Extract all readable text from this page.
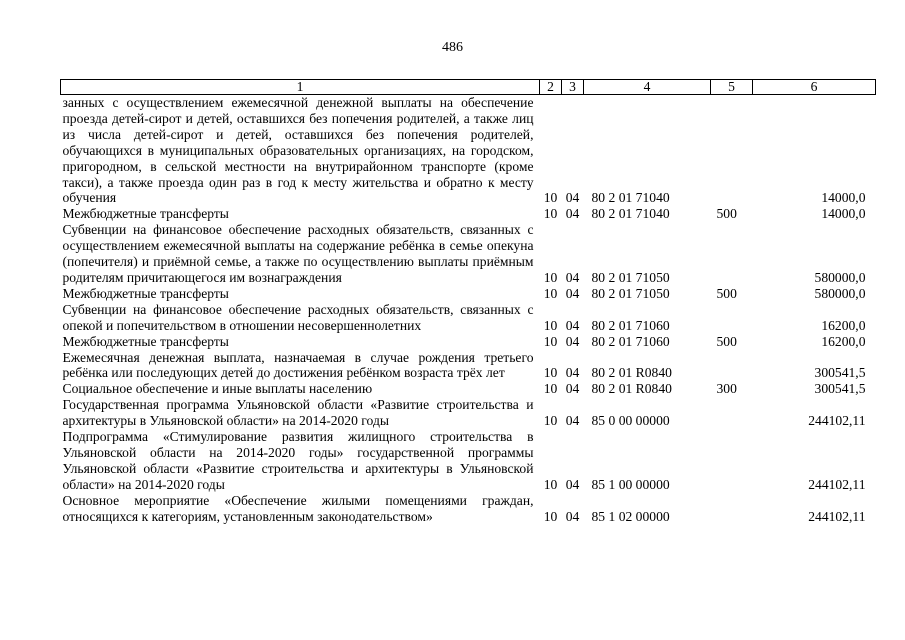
486
1	2	3	4	5	6
занных с осуществлением ежемесячной денежной выплаты на обеспечение проезда детей-сирот и детей, оставшихся без попечения родителей, а также лиц из числа детей-сирот и детей, оставшихся без попечения родителей, обучающихся в муниципальных образовательных организациях, на городском, пригородном, в сельской местности на внутрирайонном транспорте (кроме такси), а также проезда один раз в год к месту жительства и обратно к месту обучения	10	04	80 2 01 71040		14000,0
Межбюджетные трансферты	10	04	80 2 01 71040	500	14000,0
Субвенции на финансовое обеспечение расходных обязательств, связанных с осуществлением ежемесячной выплаты на содержание ребёнка в семье опекуна (попечителя) и приёмной семье, а также по осуществлению выплаты приёмным родителям причитающегося им вознаграждения	10	04	80 2 01 71050		580000,0
Межбюджетные трансферты	10	04	80 2 01 71050	500	580000,0
Субвенции на финансовое обеспечение расходных обязательств, связанных с опекой и попечительством в отношении несовершеннолетних	10	04	80 2 01 71060		16200,0
Межбюджетные трансферты	10	04	80 2 01 71060	500	16200,0
Ежемесячная денежная выплата, назначаемая в случае рождения третьего ребёнка или последующих детей до достижения ребёнком возраста трёх лет	10	04	80 2 01 R0840		300541,5
Социальное обеспечение и иные выплаты населению	10	04	80 2 01 R0840	300	300541,5
Государственная программа Ульяновской области «Развитие строительства и архитектуры в Ульяновской области» на 2014-2020 годы	10	04	85 0 00 00000		244102,11
Подпрограмма «Стимулирование развития жилищного строительства в Ульяновской области на 2014-2020 годы» государственной программы Ульяновской области «Развитие строительства и архитектуры в Ульяновской области» на 2014-2020 годы	10	04	85 1 00 00000		244102,11
Основное мероприятие «Обеспечение жилыми помещениями граждан, относящихся к категориям, установленным законодательством»	10	04	85 1 02 00000		244102,11
